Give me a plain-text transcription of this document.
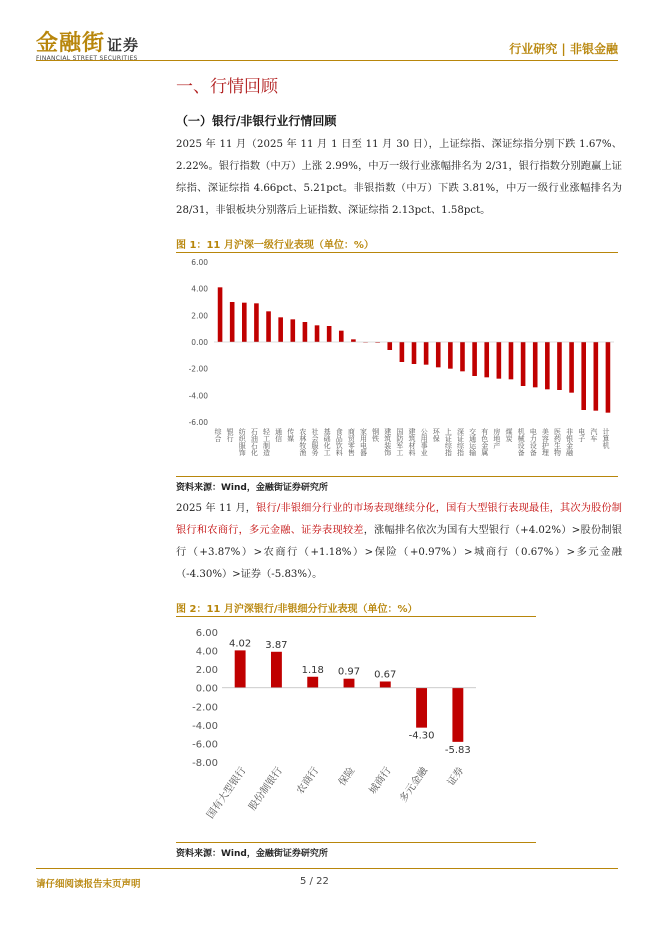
金融街 证券
FINANCIAL STREET SECURITIES
行业研究 | 非银金融
一、行情回顾
（一）银行/非银行业行情回顾
2025 年 11 月（2025 年 11 月 1 日至 11 月 30 日），上证综指、深证综指分别下跌 1.67%、2.22%。银行指数（中万）上涨 2.99%，中万一级行业涨幅排名为 2/31，银行指数分别跑赢上证综指、深证综指 4.66pct、5.21pct。非银指数（中万）下跌 3.81%，中万一级行业涨幅排名为 28/31，非银板块分别落后上证指数、深证综指 2.13pct、1.58pct。
图 1：11 月沪深一级行业表现（单位：%）
6.00
4.00
2.00
0.00
-2.00
-4.00
-6.00
综合 银行 纺织服饰 石油石化 轻工制造 通信 传媒 农林牧渔 社会服务 基础化工 食品饮料 商贸零售 家用电器 钢铁 建筑装饰 国防军工 建筑材料 公用事业 环保 上证综指 深证综指 交通运输 有色金属 房地产 煤炭 机械设备 电力设备 美容护理 医药生物 非银金融 电子 汽车 计算机
资料来源：Wind，金融街证券研究所
2025 年 11 月，银行/非银细分行业的市场表现继续分化，国有大型银行表现最佳，其次为股份制银行和农商行，多元金融、证券表现较差，涨幅排名依次为国有大型银行（+4.02%）>股份制银行（+3.87%）>农商行（+1.18%）>保险（+0.97%）>城商行（0.67%）>多元金融（-4.30%）>证券（-5.83%）。
图 2：11 月沪深银行/非银细分行业表现（单位：%）
6.00
4.00
2.00
0.00
-2.00
-4.00
-6.00
-8.00
4.02 3.87
1.18 0.97 0.67
-4.30
-5.83
国有大型银行
股份制银行 农商行 保险 城商行 多元金融 证券
资料来源：Wind，金融街证券研究所
请仔细阅读报告末页声明	5 / 22
